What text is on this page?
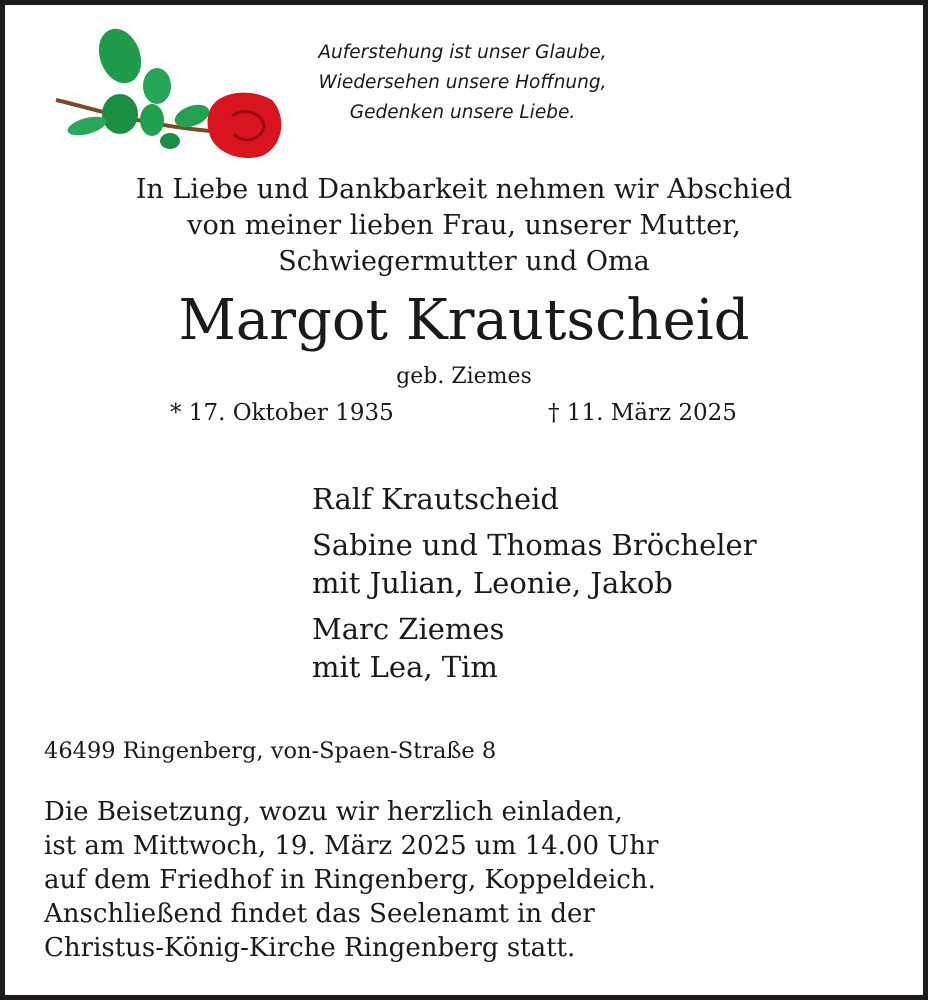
Auferstehung ist unser Glaube,
Wiedersehen unsere Hoffnung,
Gedenken unsere Liebe.
In Liebe und Dankbarkeit nehmen wir Abschied
von meiner lieben Frau, unserer Mutter,
Schwiegermutter und Oma
Margot Krautscheid
geb. Ziemes
* 17. Oktober 1935	† 11. März 2025
Ralf Krautscheid
Sabine und Thomas Bröcheler
mit Julian, Leonie, Jakob
Marc Ziemes
mit Lea, Tim
46499 Ringenberg, von-Spaen-Straße 8
Die Beisetzung, wozu wir herzlich einladen,
ist am Mittwoch, 19. März 2025 um 14.00 Uhr
auf dem Friedhof in Ringenberg, Koppeldeich.
Anschließend findet das Seelenamt in der
Christus-König-Kirche Ringenberg statt.
